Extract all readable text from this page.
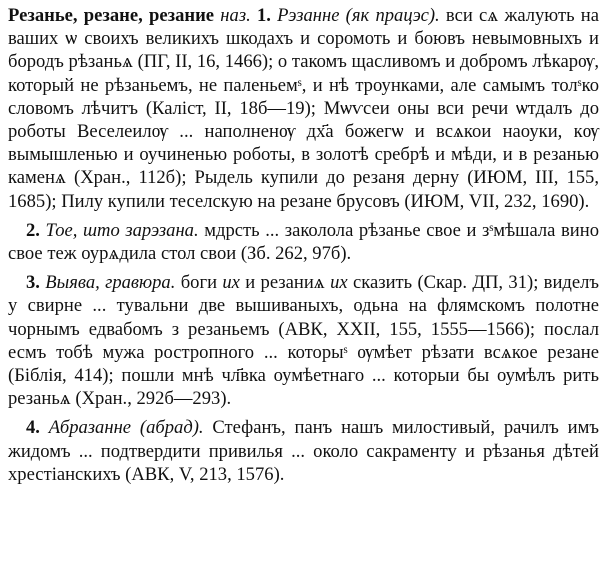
Резанье, резане, резание наз. 1. Рэзанне (як працэс). вси сѧ жалують на ваших ѡ своихъ великихъ шкодахъ и соромоть и боювъ невымовныхъ и бородъ рѣзаньѧ (ПГ, II, 16, 1466); о такомъ щасливомъ и добромъ лѣкарѹ, который не рѣзаньемъ, не паленьемˢ, и нѣ троунками, але самымъ толˢко словомъ лѣчитъ (Каліст, II, 18б—19); Мѡѵсеи оны вси речи ѡтдалъ до роботы Веселеилѹ ... наполненѹ дх҃а божегѡ и всѧкои наоуки, кѹ вымышленью и оучиненью роботы, в золотѣ сребрѣ и мѣди, и в резанью каменѧ (Хран., 112б); Рыдель купили до резаня дерну (ИЮМ, III, 155, 1685); Пилу купили теселскую на резане брусовъ (ИЮМ, VII, 232, 1690).

2. Тое, што зарэзана. мдрсть ... заколола рѣзанье свое и зˢмѣшала вино свое теж оурѧдила стол свои (Зб. 262, 97б).

3. Выява, гравюра. боги их и резаниѧ их сказить (Скар. ДП, 31); виделъ у свирне ... тувальни две вышиваныхъ, одьна на флямскомъ полотне чорнымъ едвабомъ з резаньемъ (АВК, XXII, 155, 1555—1566); послал есмъ тобѣ мужа ростропного ... которыˢ ѹмѣет рѣзати всѧкое резане (Біблія, 414); пошли мнѣ чл҃вка оумѣетнаго ... которыи бы оумѣлъ рить резаньѧ (Хран., 292б—293).

4. Абразанне (абрад). Стефанъ, панъ нашъ милостивый, рачилъ имъ жидомъ ... подтвердити привилья ... около сакраменту и рѣзанья дѣтей хрестіанскихъ (АВК, V, 213, 1576).
